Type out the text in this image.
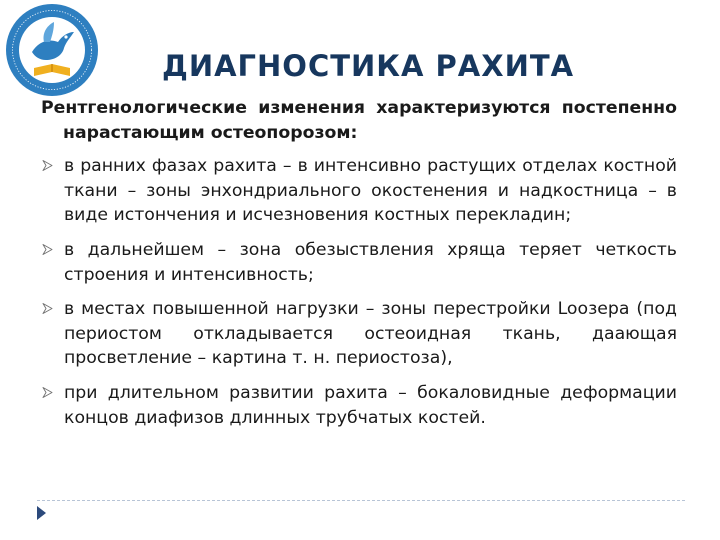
ДИАГНОСТИКА РАХИТА

Рентгенологические изменения характеризуются постепенно нарастающим остеопорозом:

в ранних фазах рахита – в интенсивно растущих отделах костной ткани – зоны энхондриального окостенения и надкостница – в виде истончения и исчезновения костных перекладин;
в дальнейшем – зона обезыствления хряща теряет четкость строения и интенсивность;
в местах повышенной нагрузки – зоны перестройки Loозера (под периостом откладывается остеоидная ткань, даающая просветление – картина т. н. периостоза),
при длительном развитии рахита – бокаловидные деформации концов диафизов длинных трубчатых костей.
